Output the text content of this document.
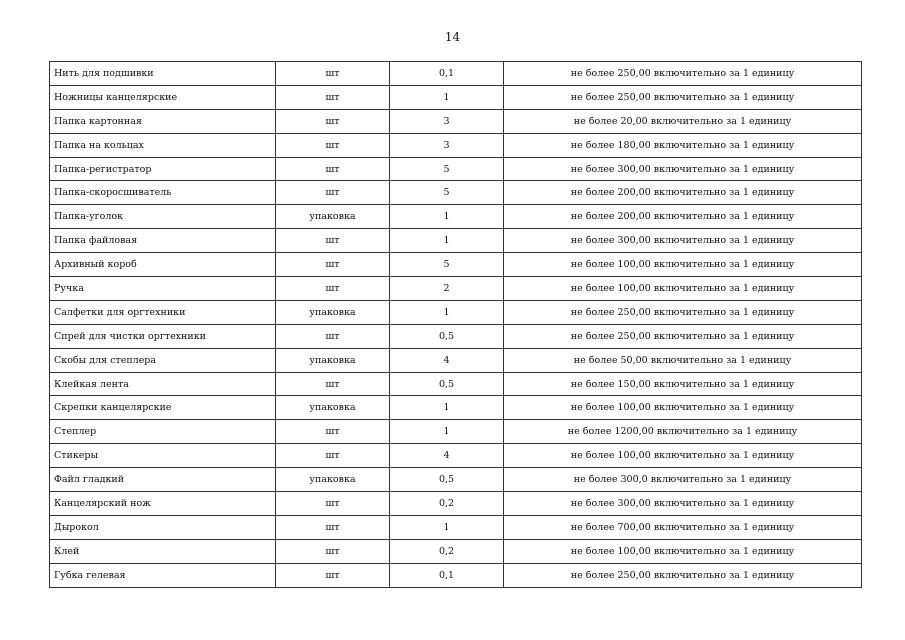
14
Нить для подшивки	шт	0,1	не более 250,00 включительно за 1 единицу
Ножницы канцелярские	шт	1	не более 250,00 включительно за 1 единицу
Папка картонная	шт	3	не более 20,00 включительно за 1 единицу
Папка на кольцах	шт	3	не более 180,00 включительно за 1 единицу
Папка-регистратор	шт	5	не более 300,00 включительно за 1 единицу
Папка-скоросшиватель	шт	5	не более 200,00 включительно за 1 единицу
Папка-уголок	упаковка	1	не более 200,00 включительно за 1 единицу
Папка файловая	шт	1	не более 300,00 включительно за 1 единицу
Архивный короб	шт	5	не более 100,00 включительно за 1 единицу
Ручка	шт	2	не более 100,00 включительно за 1 единицу
Салфетки для оргтехники	упаковка	1	не более 250,00 включительно за 1 единицу
Спрей для чистки оргтехники	шт	0,5	не более 250,00 включительно за 1 единицу
Скобы для степлера	упаковка	4	не более 50,00 включительно за 1 единицу
Клейкая лента	шт	0,5	не более 150,00 включительно за 1 единицу
Скрепки канцелярские	упаковка	1	не более 100,00 включительно за 1 единицу
Степлер	шт	1	не более 1200,00 включительно за 1 единицу
Стикеры	шт	4	не более 100,00 включительно за 1 единицу
Файл гладкий	упаковка	0,5	не более 300,0 включительно за 1 единицу
Канцелярский нож	шт	0,2	не более 300,00 включительно за 1 единицу
Дырокол	шт	1	не более 700,00 включительно за 1 единицу
Клей	шт	0,2	не более 100,00 включительно за 1 единицу
Губка гелевая	шт	0,1	не более 250,00 включительно за 1 единицу
